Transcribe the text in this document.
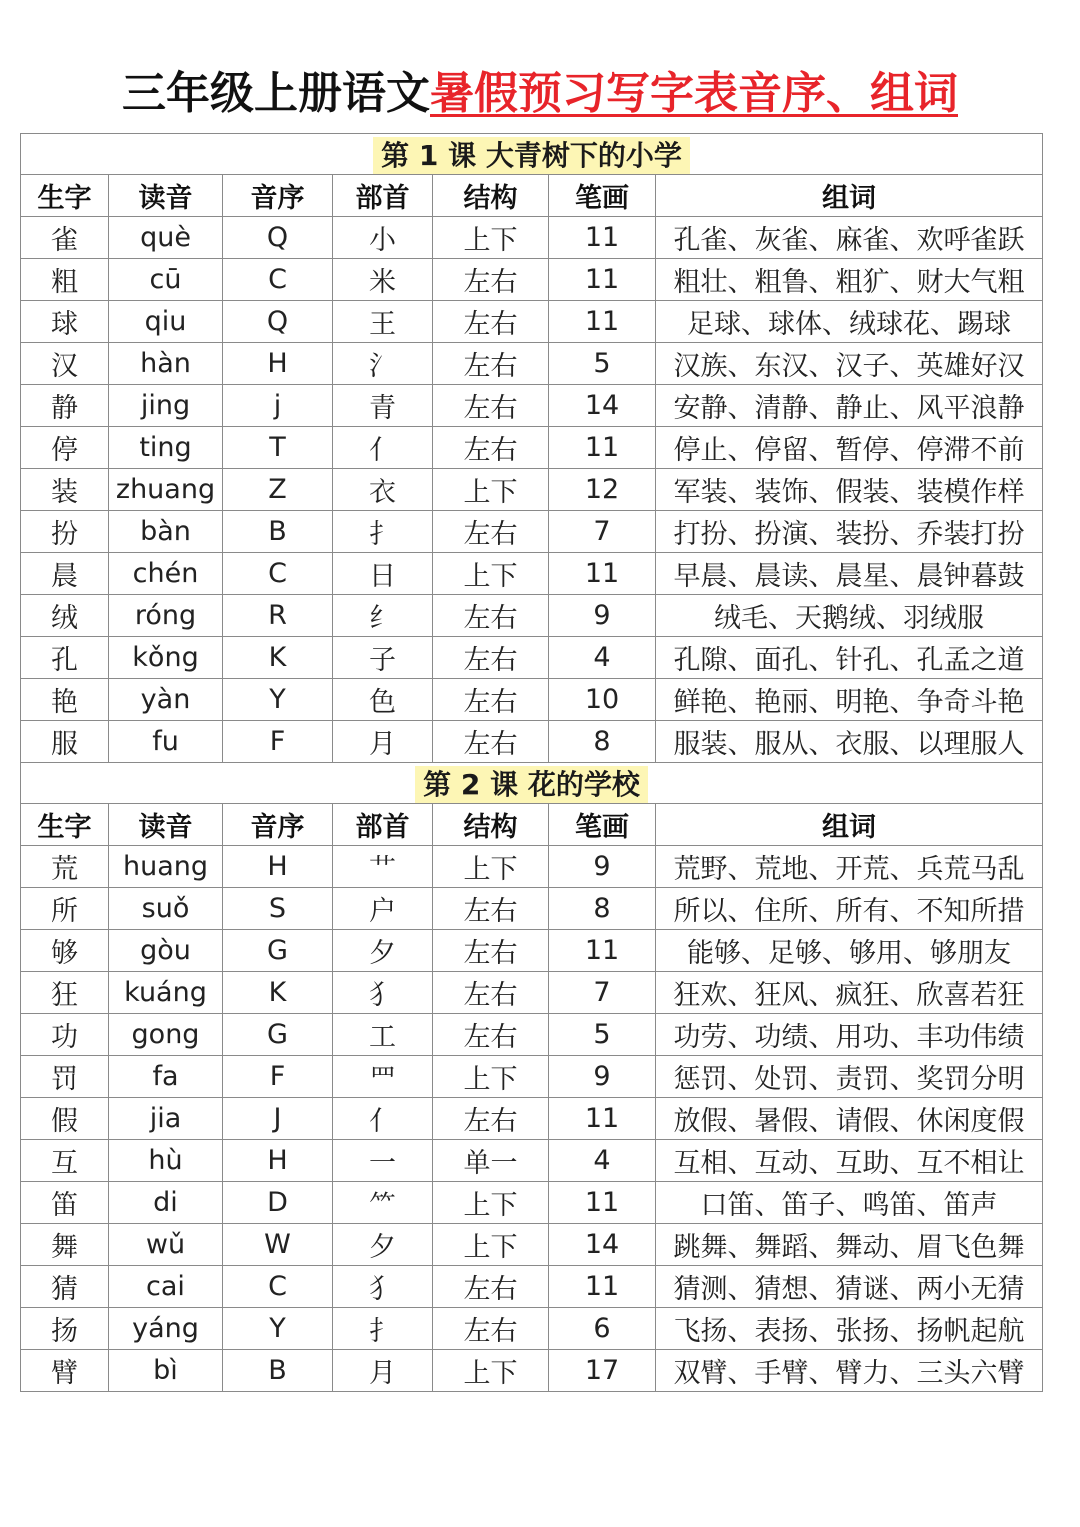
三年级上册语文暑假预习写字表音序、组词
第 1 课 大青树下的小学						
生字	读音	音序	部首	结构	笔画	组词
雀	què	Q	小	上下	11	孔雀、灰雀、麻雀、欢呼雀跃
粗	cū	C	米	左右	11	粗壮、粗鲁、粗犷、财大气粗
球	qiu	Q	王	左右	11	足球、球体、绒球花、踢球
汉	hàn	H	氵	左右	5	汉族、东汉、汉子、英雄好汉
静	jing	j	青	左右	14	安静、清静、静止、风平浪静
停	ting	T	亻	左右	11	停止、停留、暂停、停滞不前
装	zhuang	Z	衣	上下	12	军装、装饰、假装、装模作样
扮	bàn	B	扌	左右	7	打扮、扮演、装扮、乔装打扮
晨	chén	C	日	上下	11	早晨、晨读、晨星、晨钟暮鼓
绒	róng	R	纟	左右	9	绒毛、天鹅绒、羽绒服
孔	kǒng	K	子	左右	4	孔隙、面孔、针孔、孔孟之道
艳	yàn	Y	色	左右	10	鲜艳、艳丽、明艳、争奇斗艳
服	fu	F	月	左右	8	服装、服从、衣服、以理服人
第 2 课 花的学校						
生字	读音	音序	部首	结构	笔画	组词
荒	huang	H	艹	上下	9	荒野、荒地、开荒、兵荒马乱
所	suǒ	S	户	左右	8	所以、住所、所有、不知所措
够	gòu	G	夕	左右	11	能够、足够、够用、够朋友
狂	kuáng	K	犭	左右	7	狂欢、狂风、疯狂、欣喜若狂
功	gong	G	工	左右	5	功劳、功绩、用功、丰功伟绩
罚	fa	F	罒	上下	9	惩罚、处罚、责罚、奖罚分明
假	jia	J	亻	左右	11	放假、暑假、请假、休闲度假
互	hù	H	一	单一	4	互相、互动、互助、互不相让
笛	di	D	⺮	上下	11	口笛、笛子、鸣笛、笛声
舞	wǔ	W	夕	上下	14	跳舞、舞蹈、舞动、眉飞色舞
猜	cai	C	犭	左右	11	猜测、猜想、猜谜、两小无猜
扬	yáng	Y	扌	左右	6	飞扬、表扬、张扬、扬帆起航
臂	bì	B	月	上下	17	双臂、手臂、臂力、三头六臂
